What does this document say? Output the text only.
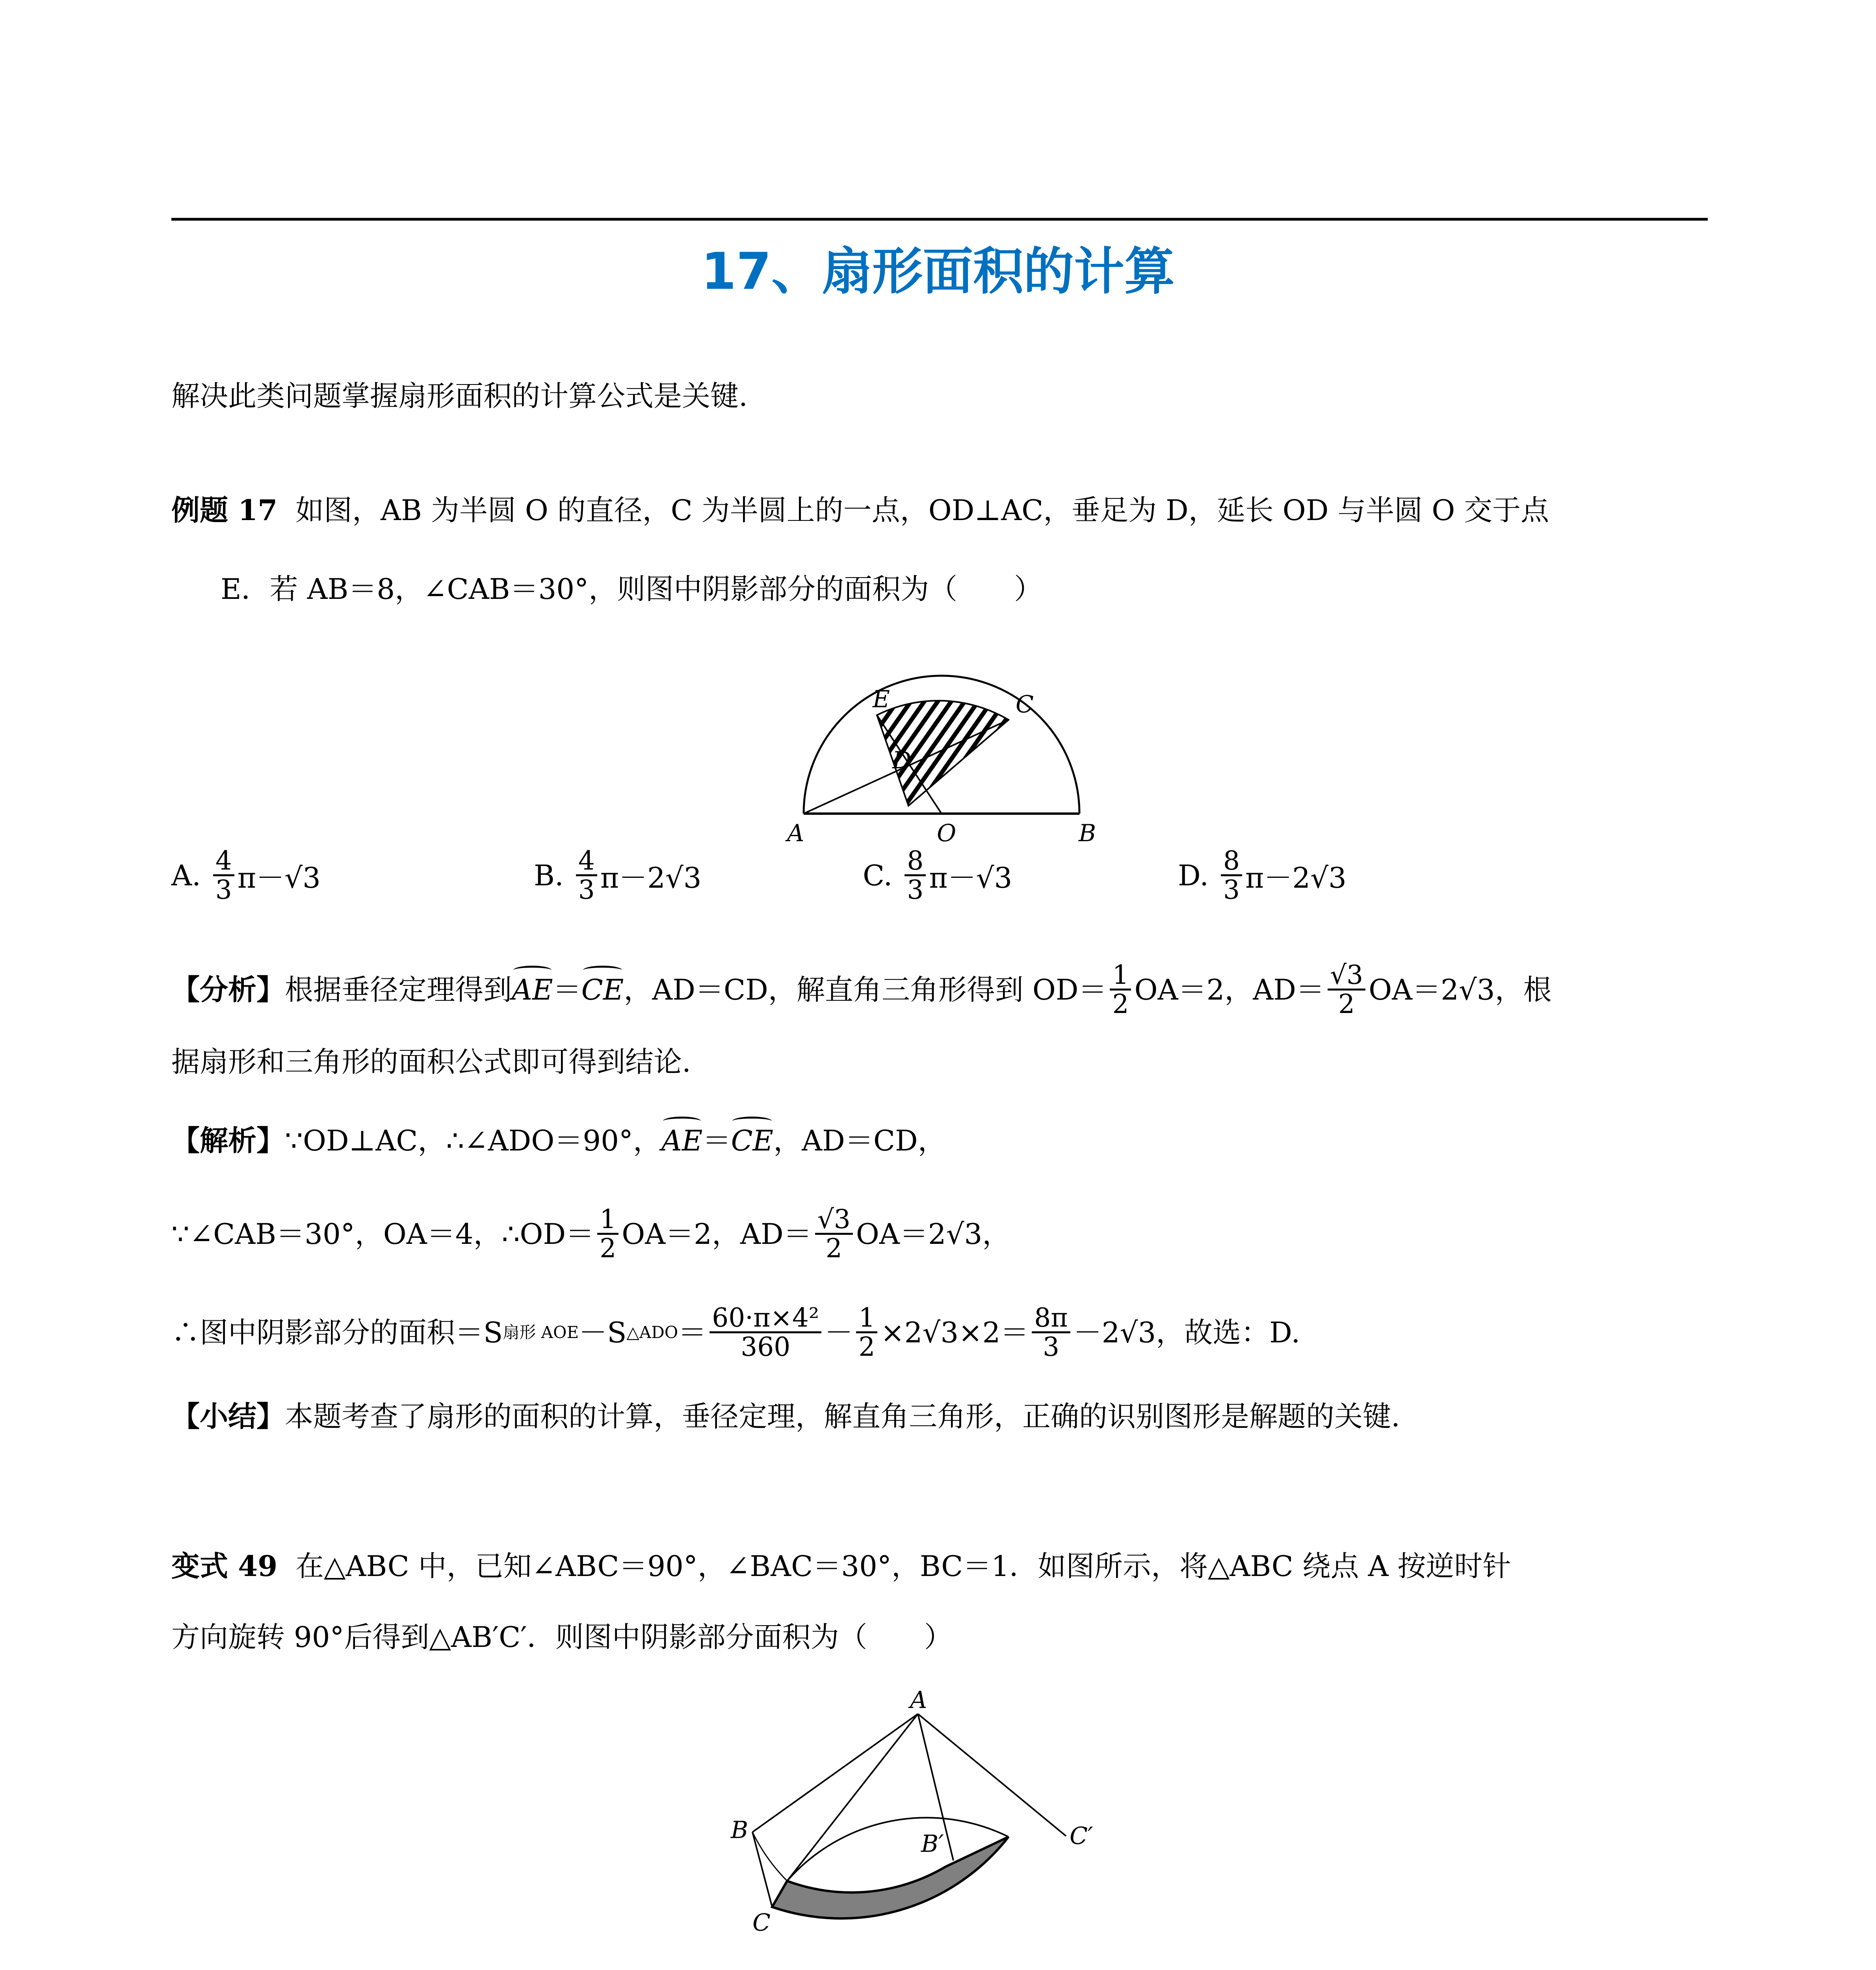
17、扇形面积的计算
解决此类问题掌握扇形面积的计算公式是关键.
例题 17 如图，AB 为半圆 O 的直径，C 为半圆上的一点，OD⊥AC，垂足为 D，延长 OD 与半圆 O 交于点
E．若 AB＝8，∠CAB＝30°，则图中阴影部分的面积为（　　）
E	C
D
A	O	B
A.
$\frac{4}{3} \pi-√3$	B.
$\frac{4}{3} \pi-2√3$	C.
$\frac{8}{3} \pi-√3$	D.
$\frac{8}{3} \pi-2√3$
【分析】 根据垂径定理得到 AE ＝ CE ，AD＝CD，解直角三角形得到 $OD= \frac{1}{2} OA=2$，$AD= \frac{√3}{2} OA=2√3$，根
据扇形和三角形的面积公式即可得到结论.
【解析】 ∵OD⊥AC，∴∠ADO＝90°， AE ＝ CE ，AD＝CD，
∵∠CAB＝30°，OA＝4，∴OD＝ $\frac{1}{2} OA=2$，$AD= \frac{√3}{2} OA=2√3$，
∴图中阴影部分的面积＝S 扇形 AOE －S △ADO ＝ $\frac{\text{60·π×4²}}{360} - \frac{1}{2} \times 2√3\times 2= \frac{8\pi}{3} -2√3$，故选：D.
【小结】本题考查了扇形的面积的计算，垂径定理，解直角三角形，正确的识别图形是解题的关键.
变式 49 在△ABC 中，已知∠ABC＝90°，∠BAC＝30°，BC＝1．如图所示，将△ABC 绕点 A 按逆时针
方向旋转 90°后得到△AB′C′．则图中阴影部分面积为（　　）
A
B
C
B′	C′
